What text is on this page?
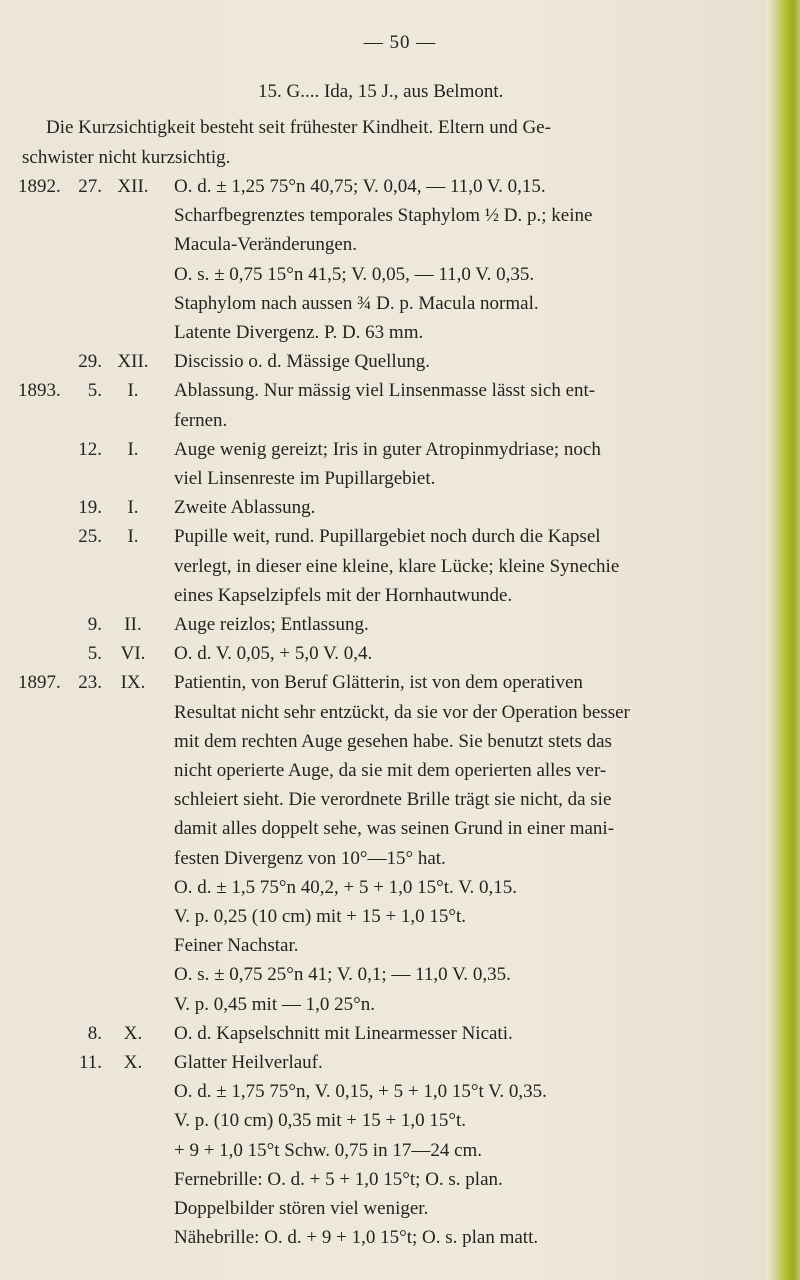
— 50 —
15. G.... Ida, 15 J., aus Belmont.
Die Kurzsichtigkeit besteht seit frühester Kindheit. Eltern und Ge-
schwister nicht kurzsichtig.
1892. 27. XII.	O. d. ± 1,25 75°n 40,75; V. 0,04, — 11,0 V. 0,15.
Scharfbegrenztes temporales Staphylom ½ D. p.; keine
Macula-Veränderungen.
O. s. ± 0,75 15°n 41,5; V. 0,05, — 11,0 V. 0,35.
Staphylom nach aussen ¾ D. p. Macula normal.
Latente Divergenz. P. D. 63 mm.
29. XII.	Discissio o. d. Mässige Quellung.
1893.	5.	I.	Ablassung. Nur mässig viel Linsenmasse lässt sich ent-
fernen.
12.	I.	Auge wenig gereizt; Iris in guter Atropinmydriase; noch
viel Linsenreste im Pupillargebiet.
19.	I.	Zweite Ablassung.
25.	I.	Pupille weit, rund. Pupillargebiet noch durch die Kapsel
verlegt, in dieser eine kleine, klare Lücke; kleine Synechie
eines Kapselzipfels mit der Hornhautwunde.
9.	II.	Auge reizlos; Entlassung.
5. VI.	O. d. V. 0,05, + 5,0 V. 0,4.
1897. 23. IX.	Patientin, von Beruf Glätterin, ist von dem operativen
Resultat nicht sehr entzückt, da sie vor der Operation besser
mit dem rechten Auge gesehen habe. Sie benutzt stets das
nicht operierte Auge, da sie mit dem operierten alles ver-
schleiert sieht. Die verordnete Brille trägt sie nicht, da sie
damit alles doppelt sehe, was seinen Grund in einer mani-
festen Divergenz von 10°—15° hat.
O. d. ± 1,5 75°n 40,2, + 5 + 1,0 15°t. V. 0,15.
V. p. 0,25 (10 cm) mit + 15 + 1,0 15°t.
Feiner Nachstar.
O. s. ± 0,75 25°n 41; V. 0,1; — 11,0 V. 0,35.
V. p. 0,45 mit — 1,0 25°n.
8.	X.	O. d. Kapselschnitt mit Linearmesser Nicati.
11.	X.	Glatter Heilverlauf.
O. d. ± 1,75 75°n, V. 0,15, + 5 + 1,0 15°t V. 0,35.
V. p. (10 cm) 0,35 mit + 15 + 1,0 15°t.
+ 9 + 1,0 15°t Schw. 0,75 in 17—24 cm.
Fernebrille: O. d. + 5 + 1,0 15°t; O. s. plan.
Doppelbilder stören viel weniger.
Nähebrille: O. d. + 9 + 1,0 15°t; O. s. plan matt.
